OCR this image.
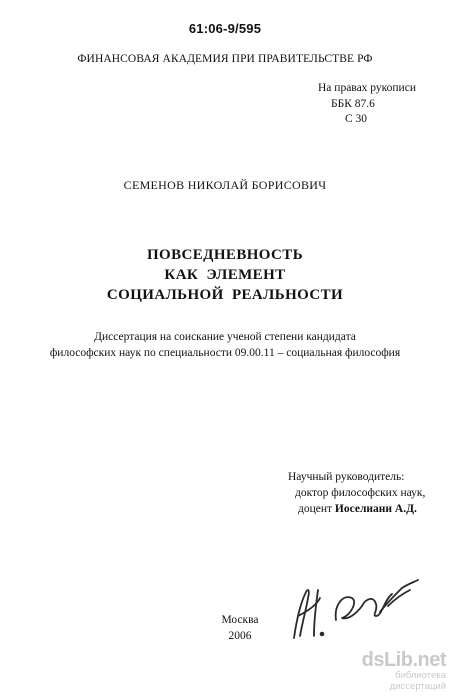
61:06-9/595
ФИНАНСОВАЯ АКАДЕМИЯ ПРИ ПРАВИТЕЛЬСТВЕ РФ
На правах рукописи
ББК 87.6
С 30
СЕМЕНОВ НИКОЛАЙ БОРИСОВИЧ
ПОВСЕДНЕВНОСТЬ
КАК  ЭЛЕМЕНТ
СОЦИАЛЬНОЙ  РЕАЛЬНОСТИ
Диссертация на соискание ученой степени кандидата
философских наук по специальности 09.00.11 – социальная философия
Научный руководитель:
доктор философских наук,
доцент Иоселиани А.Д.
Москва
2006
dsLib.net
библиотека диссертаций
